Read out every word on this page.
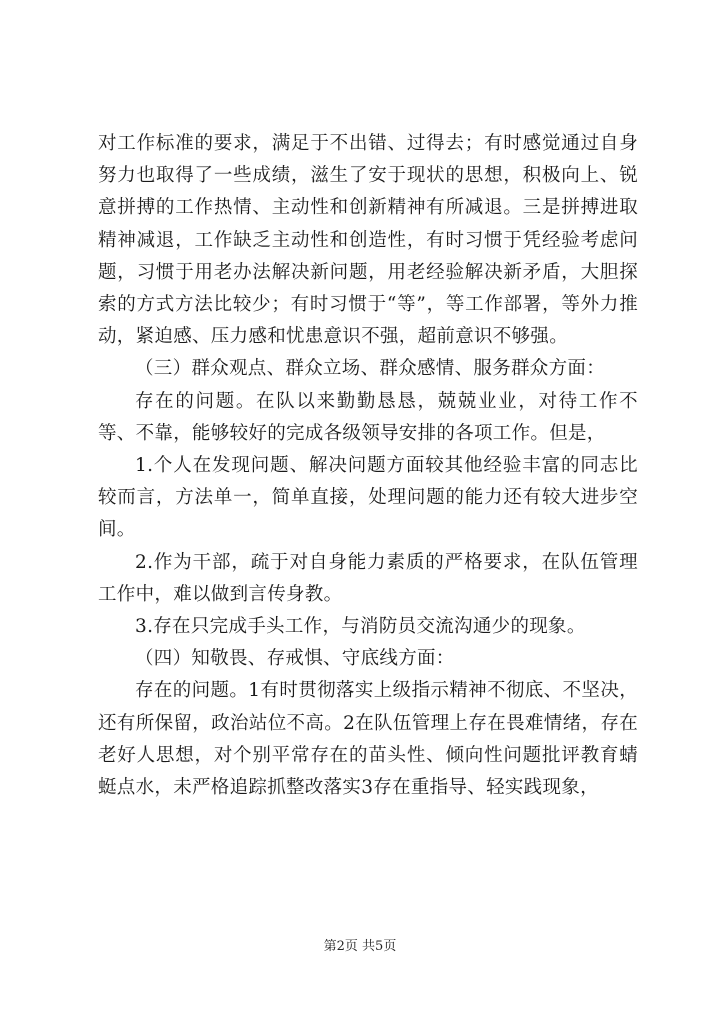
对工作标准的要求，满足于不出错、过得去；有时感觉通过自身努力也取得了一些成绩，滋生了安于现状的思想，积极向上、锐意拼搏的工作热情、主动性和创新精神有所减退。三是拼搏进取精神减退，工作缺乏主动性和创造性，有时习惯于凭经验考虑问题，习惯于用老办法解决新问题，用老经验解决新矛盾，大胆探索的方式方法比较少；有时习惯于“等”，等工作部署，等外力推动，紧迫感、压力感和忧患意识不强，超前意识不够强。

（三）群众观点、群众立场、群众感情、服务群众方面：

存在的问题。在队以来勤勤恳恳，兢兢业业，对待工作不等、不靠，能够较好的完成各级领导安排的各项工作。但是，

1.个人在发现问题、解决问题方面较其他经验丰富的同志比较而言，方法单一，简单直接，处理问题的能力还有较大进步空间。

2.作为干部，疏于对自身能力素质的严格要求，在队伍管理工作中，难以做到言传身教。

3.存在只完成手头工作，与消防员交流沟通少的现象。

（四）知敬畏、存戒惧、守底线方面：

存在的问题。1有时贯彻落实上级指示精神不彻底、不坚决，还有所保留，政治站位不高。2在队伍管理上存在畏难情绪，存在老好人思想，对个别平常存在的苗头性、倾向性问题批评教育蜻蜓点水，未严格追踪抓整改落实3存在重指导、轻实践现象，

第2页 共5页
